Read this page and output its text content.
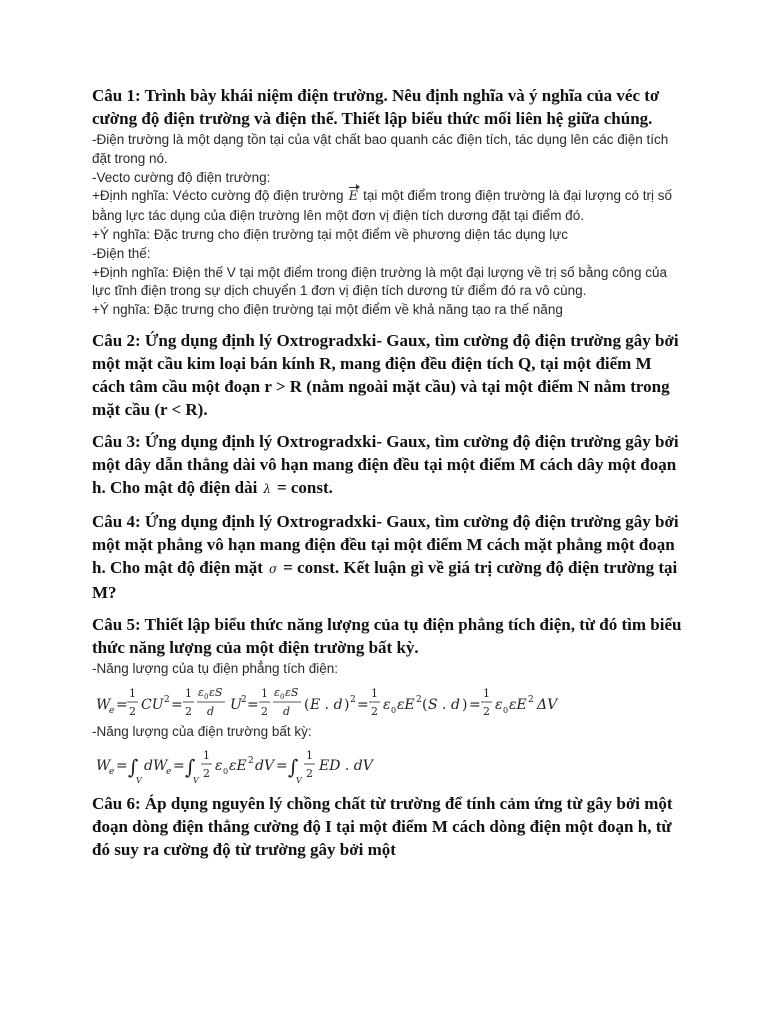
Câu 1: Trình bày khái niệm điện trường. Nêu định nghĩa và ý nghĩa của véc tơ cường độ điện trường và điện thế. Thiết lập biểu thức mối liên hệ giữa chúng.

-Điện trường là một dạng tồn tại của vật chất bao quanh các điện tích, tác dụng lên các điện tích đặt trong nó.

-Vecto cường độ điện trường:

+Định nghĩa: Vécto cường độ điện trường E tại một điểm trong điện trường là đại lượng có trị số bằng lực tác dụng của điện trường lên một đơn vị điện tích dương đặt tại điểm đó.

+Ý nghĩa: Đặc trưng cho điện trường tại một điểm về phương diện tác dụng lực

-Điện thế:

+Định nghĩa: Điện thế V tại một điểm trong điện trường là một đại lượng về trị số bằng công của lực tĩnh điện trong sự dịch chuyển 1 đơn vị điện tích dương từ điểm đó ra vô cùng.

+Ý nghĩa: Đặc trưng cho điện trường tại một điểm về khả năng tạo ra thế năng

Câu 2: Ứng dụng định lý Oxtrogradxki- Gaux, tìm cường độ điện trường gây bởi một mặt cầu kim loại bán kính R, mang điện đều điện tích Q, tại một điểm M cách tâm cầu một đoạn r > R (nằm ngoài mặt cầu) và tại một điểm N nằm trong mặt cầu (r < R).
Câu 3: Ứng dụng định lý Oxtrogradxki- Gaux, tìm cường độ điện trường gây bởi một dây dẫn thẳng dài vô hạn mang điện đều tại một điểm M cách dây một đoạn h. Cho mật độ điện dài λ = const.
Câu 4: Ứng dụng định lý Oxtrogradxki- Gaux, tìm cường độ điện trường gây bởi một mặt phẳng vô hạn mang điện đều tại một điểm M cách mặt phẳng một đoạn h. Cho mật độ điện mặt σ = const. Kết luận gì về giá trị cường độ điện trường tại M?
Câu 5: Thiết lập biểu thức năng lượng của tụ điện phẳng tích điện, từ đó tìm biểu thức năng lượng của một điện trường bất kỳ.

-Năng lượng của tụ điện phẳng tích điện:

W
e =
1
2 CU 2 =
1
2
ε 0 εS
d U 2 =
1
2
ε 0 εS
d ( E . d ) 2 =
1
2 ε 0 εE 2 ( S . d ) =
1
2 ε 0 εE 2 ΔV

-Năng lượng của điện trường bất kỳ:

W
e = ∫
V
dW
e = ∫
V
1
2 ε 0 εE 2 dV = ∫
V
1
2 ED . dV
Câu 6: Áp dụng nguyên lý chồng chất từ trường để tính cảm ứng từ gây bởi một đoạn dòng điện thẳng cường độ I tại một điểm M cách dòng điện một đoạn h, từ đó suy ra cường độ từ trường gây bởi một
